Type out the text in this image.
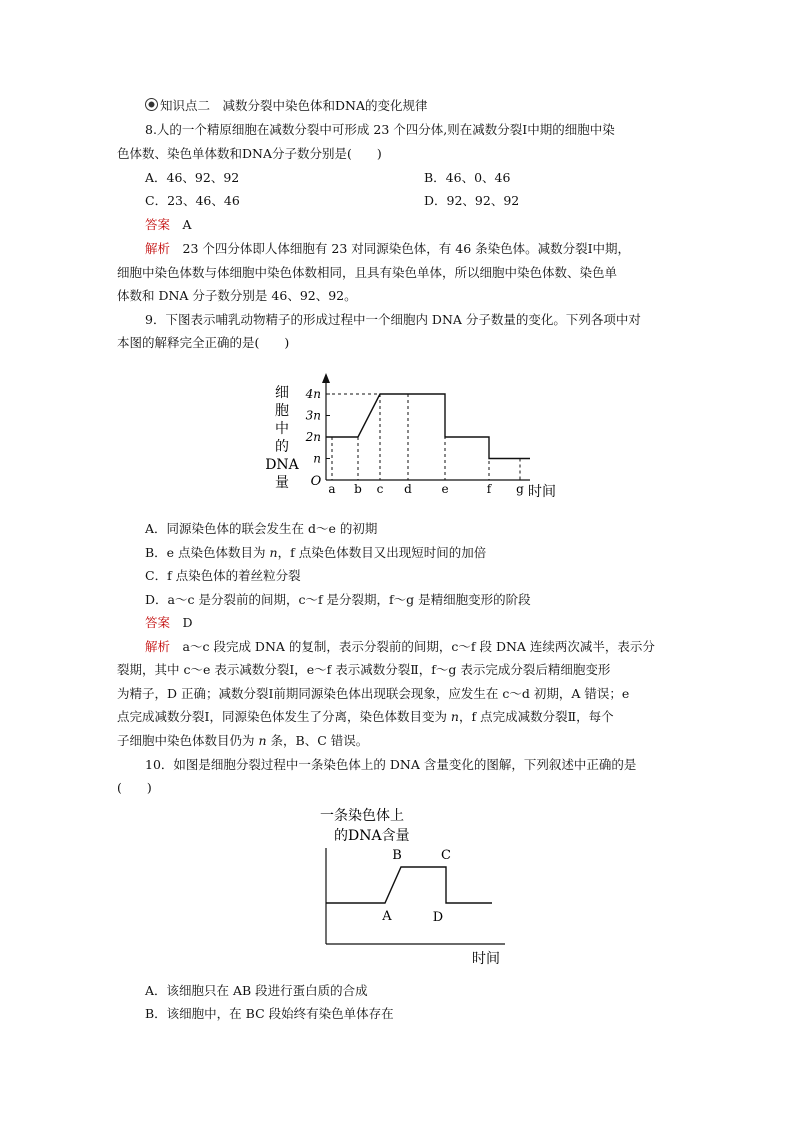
知识点二　减数分裂中染色体和DNA的变化规律
8.人的一个精原细胞在减数分裂中可形成 23 个四分体,则在减数分裂Ⅰ中期的细胞中染
色体数、染色单体数和DNA分子数分别是(　　)
A．46、92、92	B．46、0、46
C．23、46、46	D．92、92、92
答案　 A
解析　 23 个四分体即人体细胞有 23 对同源染色体，有 46 条染色体。减数分裂Ⅰ中期，
细胞中染色体数与体细胞中染色体数相同，且具有染色单体，所以细胞中染色体数、染色单
体数和 DNA 分子数分别是 46、92、92。
9．下图表示哺乳动物精子的形成过程中一个细胞内 DNA 分子数量的变化。下列各项中对
本图的解释完全正确的是(　　)
细
胞
中
的
DNA
量 O
时间
4n
3n
2n
n
a b c d e	f g
A．同源染色体的联会发生在 d～e 的初期
B．e 点染色体数目为 n，f 点染色体数目又出现短时间的加倍
C．f 点染色体的着丝粒分裂
D．a～c 是分裂前的间期，c～f 是分裂期，f～g 是精细胞变形的阶段
答案　 D
解析　 a～c 段完成 DNA 的复制，表示分裂前的间期，c～f 段 DNA 连续两次减半，表示分
裂期，其中 c～e 表示减数分裂Ⅰ，e～f 表示减数分裂Ⅱ，f～g 表示完成分裂后精细胞变形
为精子，D 正确；减数分裂Ⅰ前期同源染色体出现联会现象，应发生在 c～d 初期，A 错误；e
点完成减数分裂Ⅰ，同源染色体发生了分离，染色体数目变为 n，f 点完成减数分裂Ⅱ，每个
子细胞中染色体数目仍为 n 条，B、C 错误。
10．如图是细胞分裂过程中一条染色体上的 DNA 含量变化的图解，下列叙述中正确的是
(　　)
一条染色体上
的DNA含量
时间
A
B	C
D
A．该细胞只在 AB 段进行蛋白质的合成
B．该细胞中，在 BC 段始终有染色单体存在
